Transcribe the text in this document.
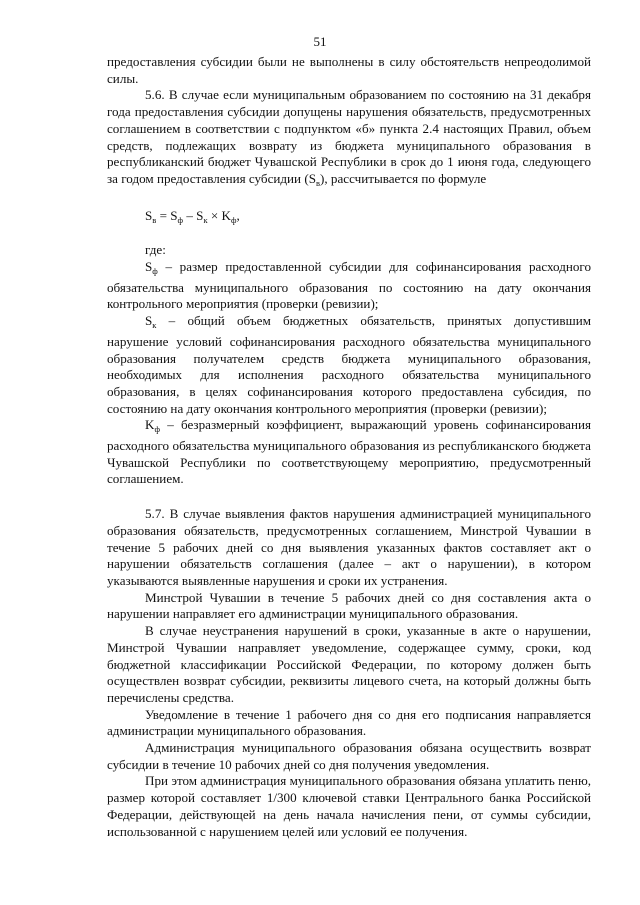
51

предоставления субсидии были не выполнены в силу обстоятельств непреодолимой силы.

5.6. В случае если муниципальным образованием по состоянию на 31 декабря года предоставления субсидии допущены нарушения обязательств, предусмотренных соглашением в соответствии с подпунктом «б» пункта 2.4 настоящих Правил, объем средств, подлежащих возврату из бюджета муниципального образования в республиканский бюджет Чувашской Республики в срок до 1 июня года, следующего за годом предоставления субсидии $(S_в)$, рассчитывается по формуле

$S_в = S_ф - S_к \times K_ф$,

где:

$S_ф$ – размер предоставленной субсидии для софинансирования расходного обязательства муниципального образования по состоянию на дату окончания контрольного мероприятия (проверки (ревизии);

$S_к$ – общий объем бюджетных обязательств, принятых допустившим нарушение условий софинансирования расходного обязательства муниципального образования получателем средств бюджета муниципального образования, необходимых для исполнения расходного обязательства муниципального образования, в целях софинансирования которого предоставлена субсидия, по состоянию на дату окончания контрольного мероприятия (проверки (ревизии);

$K_ф$ – безразмерный коэффициент, выражающий уровень софинансирования расходного обязательства муниципального образования из республиканского бюджета Чувашской Республики по соответствующему мероприятию, предусмотренный соглашением.

5.7. В случае выявления фактов нарушения администрацией муниципального образования обязательств, предусмотренных соглашением, Минстрой Чувашии в течение 5 рабочих дней со дня выявления указанных фактов составляет акт о нарушении обязательств соглашения (далее – акт о нарушении), в котором указываются выявленные нарушения и сроки их устранения.

Минстрой Чувашии в течение 5 рабочих дней со дня составления акта о нарушении направляет его администрации муниципального образования.

В случае неустранения нарушений в сроки, указанные в акте о нарушении, Минстрой Чувашии направляет уведомление, содержащее сумму, сроки, код бюджетной классификации Российской Федерации, по которому должен быть осуществлен возврат субсидии, реквизиты лицевого счета, на который должны быть перечислены средства.

Уведомление в течение 1 рабочего дня со дня его подписания направляется администрации муниципального образования.

Администрация муниципального образования обязана осуществить возврат субсидии в течение 10 рабочих дней со дня получения уведомления.

При этом администрация муниципального образования обязана уплатить пеню, размер которой составляет 1/300 ключевой ставки Центрального банка Российской Федерации, действующей на день начала начисления пени, от суммы субсидии, использованной с нарушением целей или условий ее получения.
